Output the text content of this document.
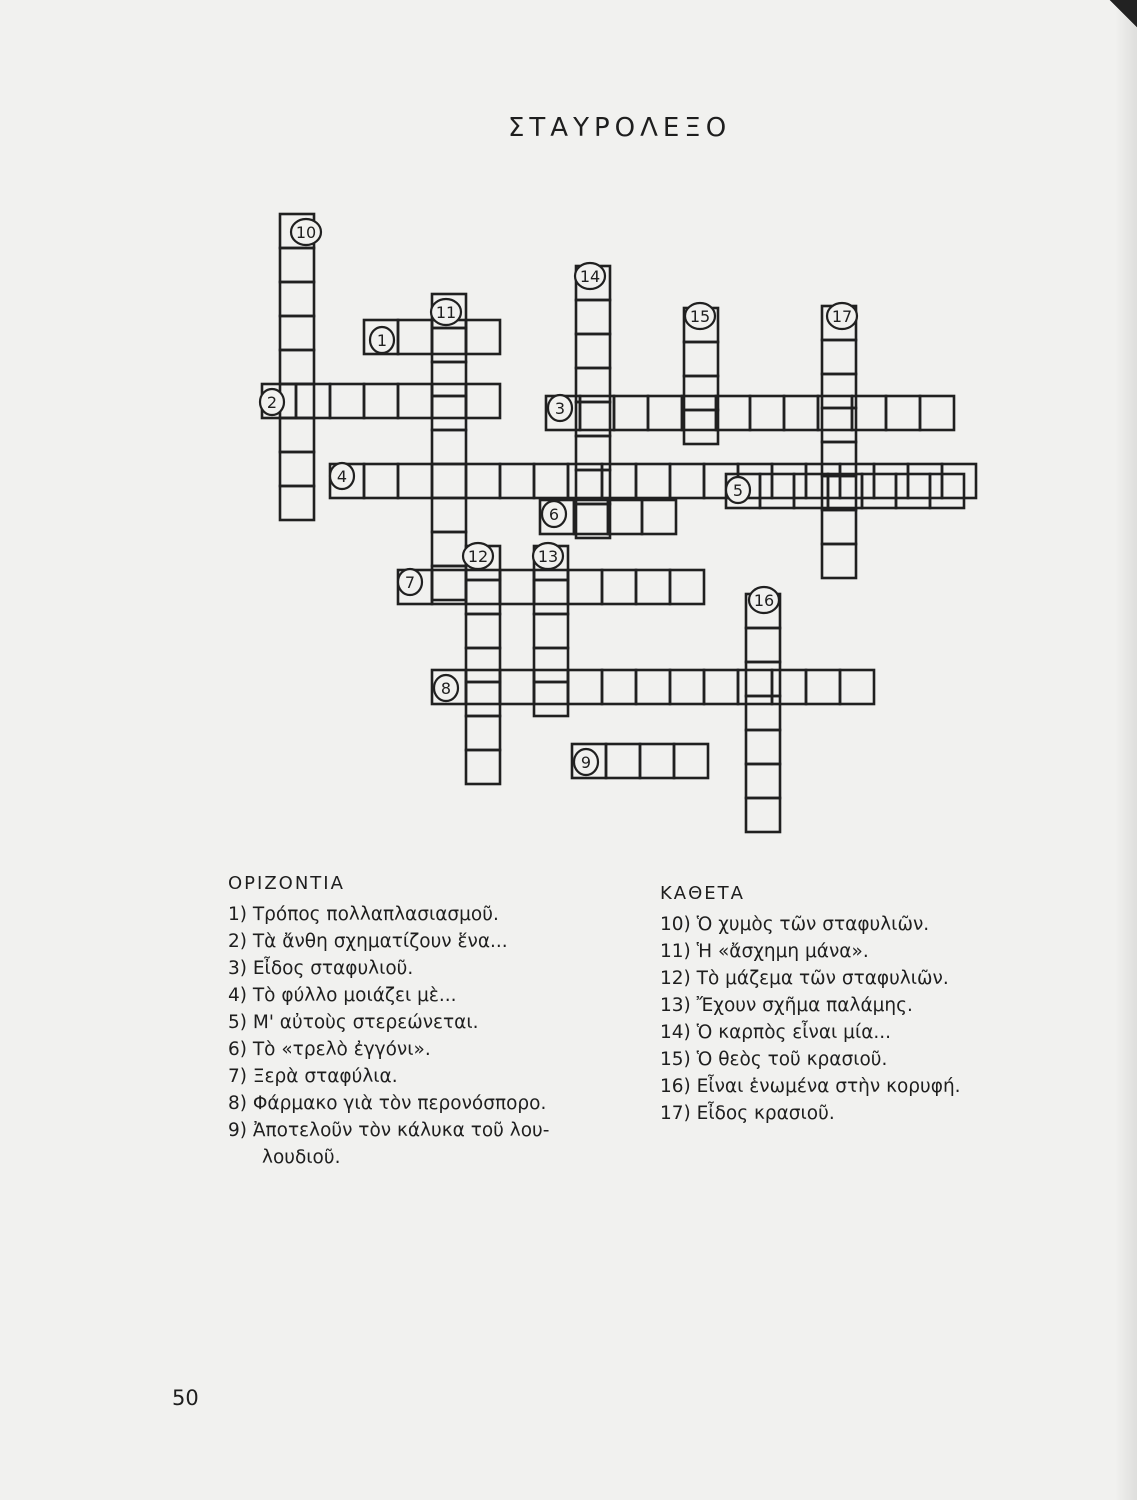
ΣΤΑΥΡΟΛΕΞΟ
1
2	3
4
5
6
7
8
9
10
11
12	13
14
15
16
17
ΟΡΙΖΟΝΤΙΑ
1) Τρόπος πολλαπλασιασμοῦ.
2) Τὰ ἄνθη σχηματίζουν ἕνα...
3) Εἶδος σταφυλιοῦ.
4) Τὸ φύλλο μοιάζει μὲ...
5) Μ' αὐτοὺς στερεώνεται.
6) Τὸ «τρελὸ ἐγγόνι».
7) Ξερὰ σταφύλια.
8) Φάρμακο γιὰ τὸν περονόσπορο.
9) Ἀποτελοῦν τὸν κάλυκα τοῦ λου-
λουδιοῦ.
ΚΑΘΕΤΑ
10) Ὁ χυμὸς τῶν σταφυλιῶν.
11) Ἡ «ἄσχημη μάνα».
12) Τὸ μάζεμα τῶν σταφυλιῶν.
13) Ἔχουν σχῆμα παλάμης.
14) Ὁ καρπὸς εἶναι μία...
15) Ὁ θεὸς τοῦ κρασιοῦ.
16) Εἶναι ἑνωμένα στὴν κορυφή.
17) Εἶδος κρασιοῦ.
50
